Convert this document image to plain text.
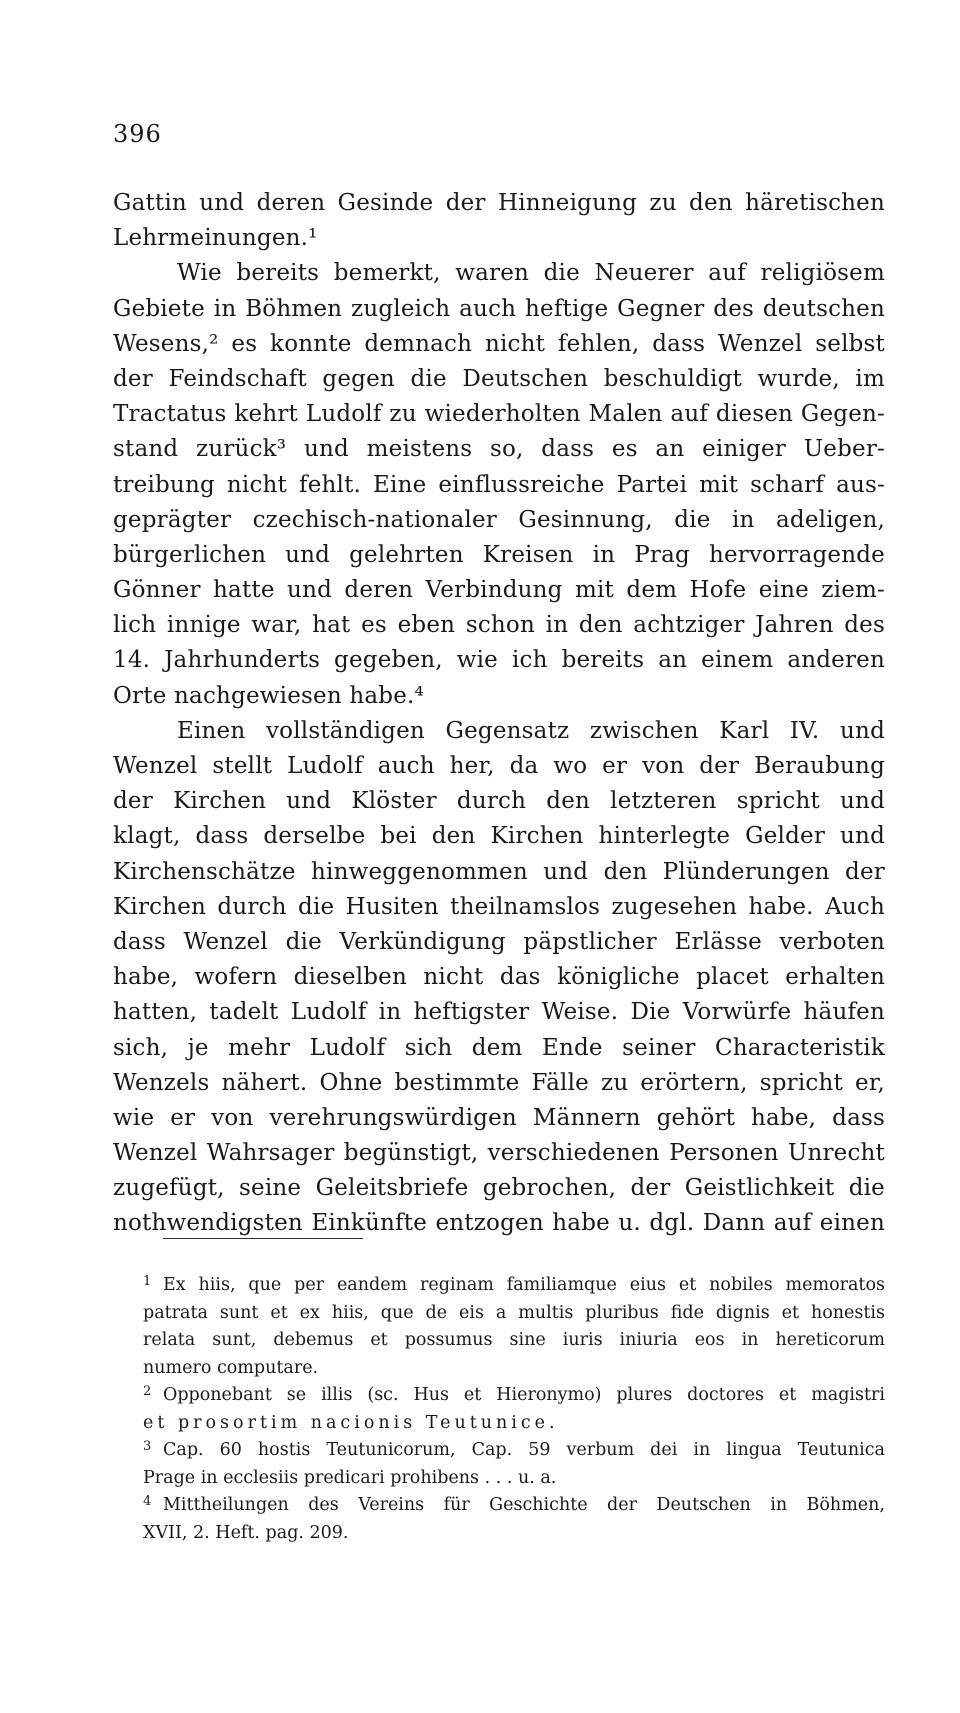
396
Gattin und deren Gesinde der Hinneigung zu den häretischen
Lehrmeinungen.¹
Wie bereits bemerkt, waren die Neuerer auf religiösem
Gebiete in Böhmen zugleich auch heftige Gegner des deutschen
Wesens,² es konnte demnach nicht fehlen, dass Wenzel selbst
der Feindschaft gegen die Deutschen beschuldigt wurde, im
Tractatus kehrt Ludolf zu wiederholten Malen auf diesen Gegen-
stand zurück³ und meistens so, dass es an einiger Ueber-
treibung nicht fehlt. Eine einflussreiche Partei mit scharf aus-
geprägter czechisch-nationaler Gesinnung, die in adeligen,
bürgerlichen und gelehrten Kreisen in Prag hervorragende
Gönner hatte und deren Verbindung mit dem Hofe eine ziem-
lich innige war, hat es eben schon in den achtziger Jahren des
14. Jahrhunderts gegeben, wie ich bereits an einem anderen
Orte nachgewiesen habe.⁴
Einen vollständigen Gegensatz zwischen Karl IV. und
Wenzel stellt Ludolf auch her, da wo er von der Beraubung
der Kirchen und Klöster durch den letzteren spricht und
klagt, dass derselbe bei den Kirchen hinterlegte Gelder und
Kirchenschätze hinweggenommen und den Plünderungen der
Kirchen durch die Husiten theilnamslos zugesehen habe. Auch
dass Wenzel die Verkündigung päpstlicher Erlässe verboten
habe, wofern dieselben nicht das königliche placet erhalten
hatten, tadelt Ludolf in heftigster Weise. Die Vorwürfe häufen
sich, je mehr Ludolf sich dem Ende seiner Characteristik
Wenzels nähert. Ohne bestimmte Fälle zu erörtern, spricht er,
wie er von verehrungswürdigen Männern gehört habe, dass
Wenzel Wahrsager begünstigt, verschiedenen Personen Unrecht
zugefügt, seine Geleitsbriefe gebrochen, der Geistlichkeit die
nothwendigsten Einkünfte entzogen habe u. dgl. Dann auf einen
1 Ex hiis, que per eandem reginam familiamque eius et nobiles memoratos
patrata sunt et ex hiis, que de eis a multis pluribus fide dignis et honestis
relata sunt, debemus et possumus sine iuris iniuria eos in hereticorum
numero computare.
2 Opponebant se illis (sc. Hus et Hieronymo) plures doctores et magistri
et prosortim nacionis Teutunice.
3 Cap. 60 hostis Teutunicorum, Cap. 59 verbum dei in lingua Teutunica
Prage in ecclesiis predicari prohibens . . . u. a.
4 Mittheilungen des Vereins für Geschichte der Deutschen in Böhmen,
XVII, 2. Heft. pag. 209.
